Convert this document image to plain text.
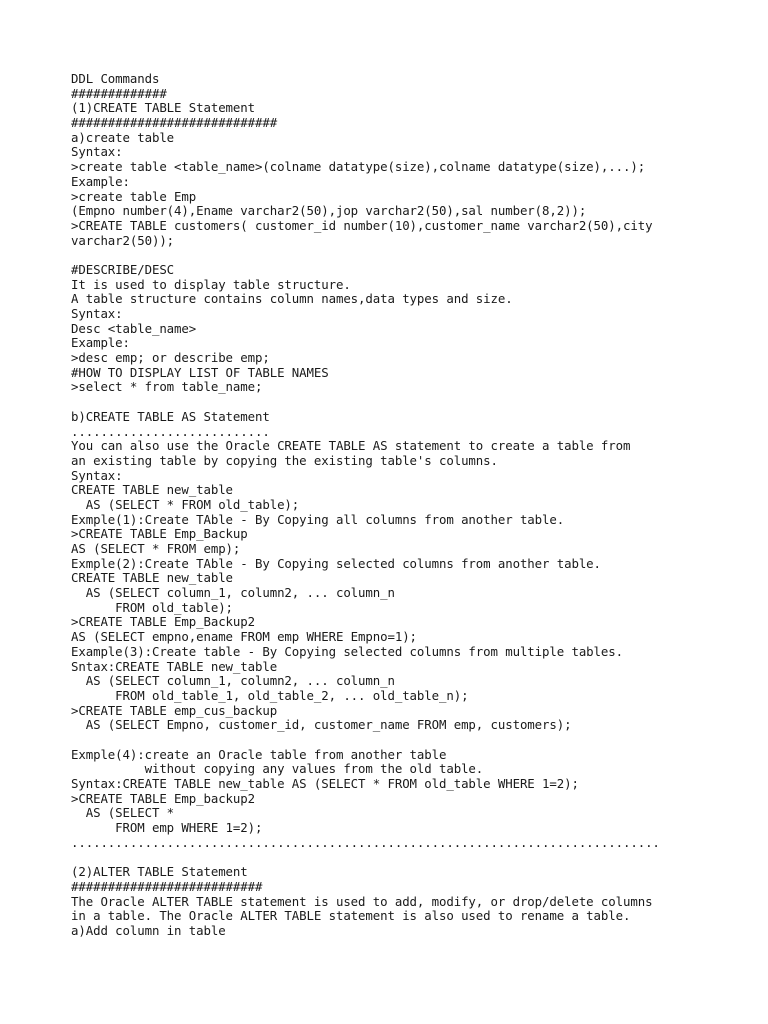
DDL Commands
#############
(1)CREATE TABLE Statement
############################
a)create table
Syntax:
>create table <table_name>(colname datatype(size),colname datatype(size),...);
Example:
>create table Emp
(Empno number(4),Ename varchar2(50),jop varchar2(50),sal number(8,2));
>CREATE TABLE customers( customer_id number(10),customer_name varchar2(50),city
varchar2(50));
#DESCRIBE/DESC
It is used to display table structure.
A table structure contains column names,data types and size.
Syntax:
Desc <table_name>
Example:
>desc emp; or describe emp;
#HOW TO DISPLAY LIST OF TABLE NAMES
>select * from table_name;
b)CREATE TABLE AS Statement
...........................
You can also use the Oracle CREATE TABLE AS statement to create a table from
an existing table by copying the existing table's columns.
Syntax:
CREATE TABLE new_table
AS (SELECT * FROM old_table);
Exmple(1):Create TAble - By Copying all columns from another table.
>CREATE TABLE Emp_Backup
AS (SELECT * FROM emp);
Exmple(2):Create TAble - By Copying selected columns from another table.
CREATE TABLE new_table
AS (SELECT column_1, column2, ... column_n
FROM old_table);
>CREATE TABLE Emp_Backup2
AS (SELECT empno,ename FROM emp WHERE Empno=1);
Example(3):Create table - By Copying selected columns from multiple tables.
Sntax:CREATE TABLE new_table
AS (SELECT column_1, column2, ... column_n
FROM old_table_1, old_table_2, ... old_table_n);
>CREATE TABLE emp_cus_backup
AS (SELECT Empno, customer_id, customer_name FROM emp, customers);
Exmple(4):create an Oracle table from another table
without copying any values from the old table.
Syntax:CREATE TABLE new_table AS (SELECT * FROM old_table WHERE 1=2);
>CREATE TABLE Emp_backup2
AS (SELECT *
FROM emp WHERE 1=2);
................................................................................
(2)ALTER TABLE Statement
##########################
The Oracle ALTER TABLE statement is used to add, modify, or drop/delete columns
in a table. The Oracle ALTER TABLE statement is also used to rename a table.
a)Add column in table
